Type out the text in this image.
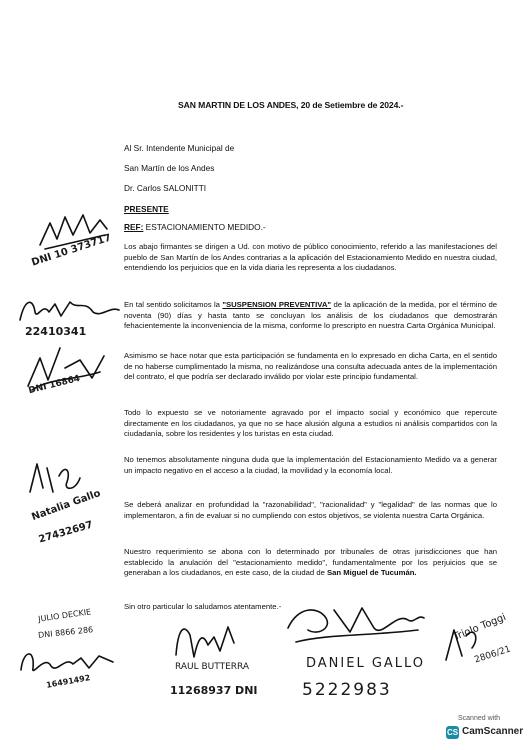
SAN MARTIN DE LOS ANDES, 20 de Setiembre de 2024.-
Al Sr. Intendente Municipal de
San Martín de los Andes
Dr. Carlos SALONITTI
PRESENTE
REF: ESTACIONAMIENTO MEDIDO.-

Los abajo firmantes se dirigen a Ud. con motivo de público conocimiento, referido a las manifestaciones del pueblo de San Martín de los Andes contrarias a la aplicación del Estacionamiento Medido en nuestra ciudad, entendiendo los perjuicios que en la vida diaria les representa a los ciudadanos.

En tal sentido solicitamos la "SUSPENSION PREVENTIVA" de la aplicación de la medida, por el término de noventa (90) días y hasta tanto se concluyan los análisis de los ciudadanos que demostrarán fehacientemente la inconveniencia de la misma, conforme lo prescripto en nuestra Carta Orgánica Municipal.

Asimismo se hace notar que esta participación se fundamenta en lo expresado en dicha Carta, en el sentido de no haberse cumplimentado la misma, no realizándose una consulta adecuada antes de la implementación del contrato, el que podría ser declarado inválido por violar este principio fundamental.

Todo lo expuesto se ve notoriamente agravado por el impacto social y económico que repercute directamente en los ciudadanos, ya que no se hace alusión alguna a estudios ni análisis compartidos con la ciudadanía, sobre los residentes y los turistas en esta ciudad.

No tenemos absolutamente ninguna duda que la implementación del Estacionamiento Medido va a generar un impacto negativo en el acceso a la ciudad, la movilidad y la economía local.

Se deberá analizar en profundidad la "razonabilidad", "racionalidad" y "legalidad" de las normas que lo implementaron, a fin de evaluar si no cumpliendo con estos objetivos, se violenta nuestra Carta Orgánica.

Nuestro requerimiento se abona con lo determinado por tribunales de otras jurisdicciones que han establecido la anulación del "estacionamiento medido", fundamentalmente por los perjuicios que se generaban a los ciudadanos, en este caso, de la ciudad de San Miguel de Tucumán.

Sin otro particular lo saludamos atentamente.-

DNI 10 373717
22410341
DNI 16864
Natalia Gallo
27432697
JULIO DECKIE
DNI 8866 286
16491492
RAUL BUTTERRA
11268937 DNI
DANIEL GALLO
5222983
Triolo Toggi
2806/21
Scanned with
CS CamScanner
